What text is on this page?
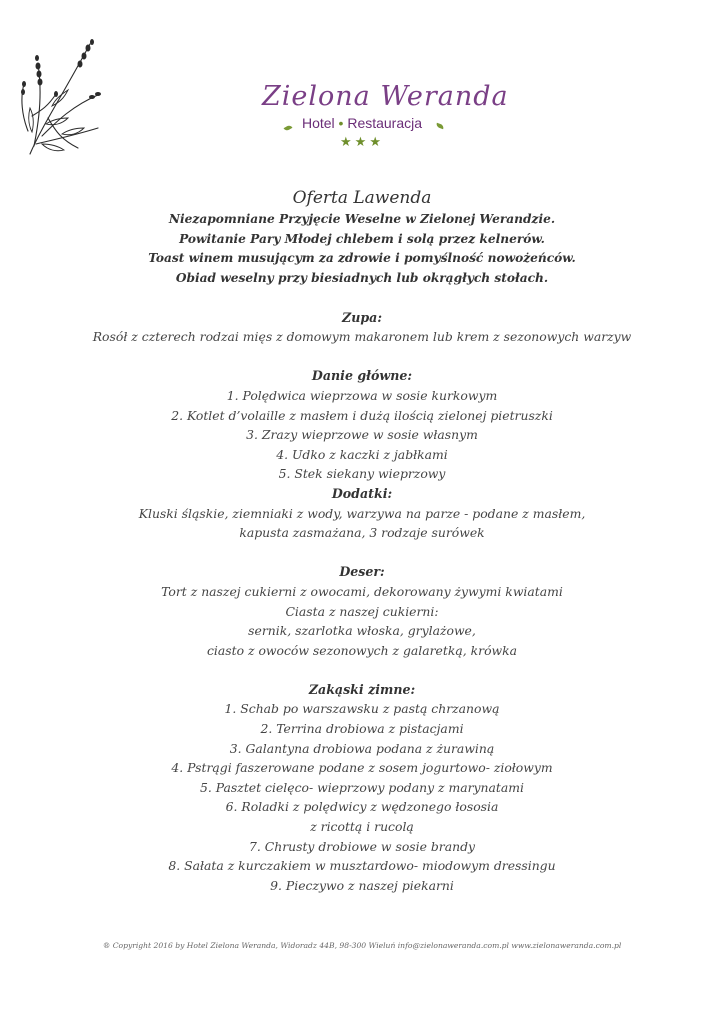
Zielona Weranda
Hotel • Restauracja
★★★
Oferta Lawenda
Niezapomniane Przyjęcie Weselne w Zielonej Werandzie.
Powitanie Pary Młodej chlebem i solą przez kelnerów.
Toast winem musującym za zdrowie i pomyślność nowożeńców.
Obiad weselny przy biesiadnych lub okrągłych stołach.
Zupa:
Rosół z czterech rodzai mięs z domowym makaronem lub krem z sezonowych warzyw
Danie główne:
1. Polędwica wieprzowa w sosie kurkowym
2. Kotlet d’volaille z masłem i dużą ilością zielonej pietruszki
3. Zrazy wieprzowe w sosie własnym
4. Udko z kaczki z jabłkami
5. Stek siekany wieprzowy
Dodatki:
Kluski śląskie, ziemniaki z wody, warzywa na parze - podane z masłem,
kapusta zasmażana, 3 rodzaje surówek
Deser:
Tort z naszej cukierni z owocami, dekorowany żywymi kwiatami
Ciasta z naszej cukierni:
sernik, szarlotka włoska, grylażowe,
ciasto z owoców sezonowych z galaretką, krówka
Zakąski zimne:
1. Schab po warszawsku z pastą chrzanową
2. Terrina drobiowa z pistacjami
3. Galantyna drobiowa podana z żurawiną
4. Pstrągi faszerowane podane z sosem jogurtowo- ziołowym
5. Pasztet cielęco- wieprzowy podany z marynatami
6. Roladki z polędwicy z wędzonego łososia
z ricottą i rucolą
7. Chrusty drobiowe w sosie brandy
8. Sałata z kurczakiem w musztardowo- miodowym dressingu
9. Pieczywo z naszej piekarni
® Copyright 2016 by Hotel Zielona Weranda, Widoradz 44B, 98-300 Wieluń info@zielonaweranda.com.pl www.zielonaweranda.com.pl
